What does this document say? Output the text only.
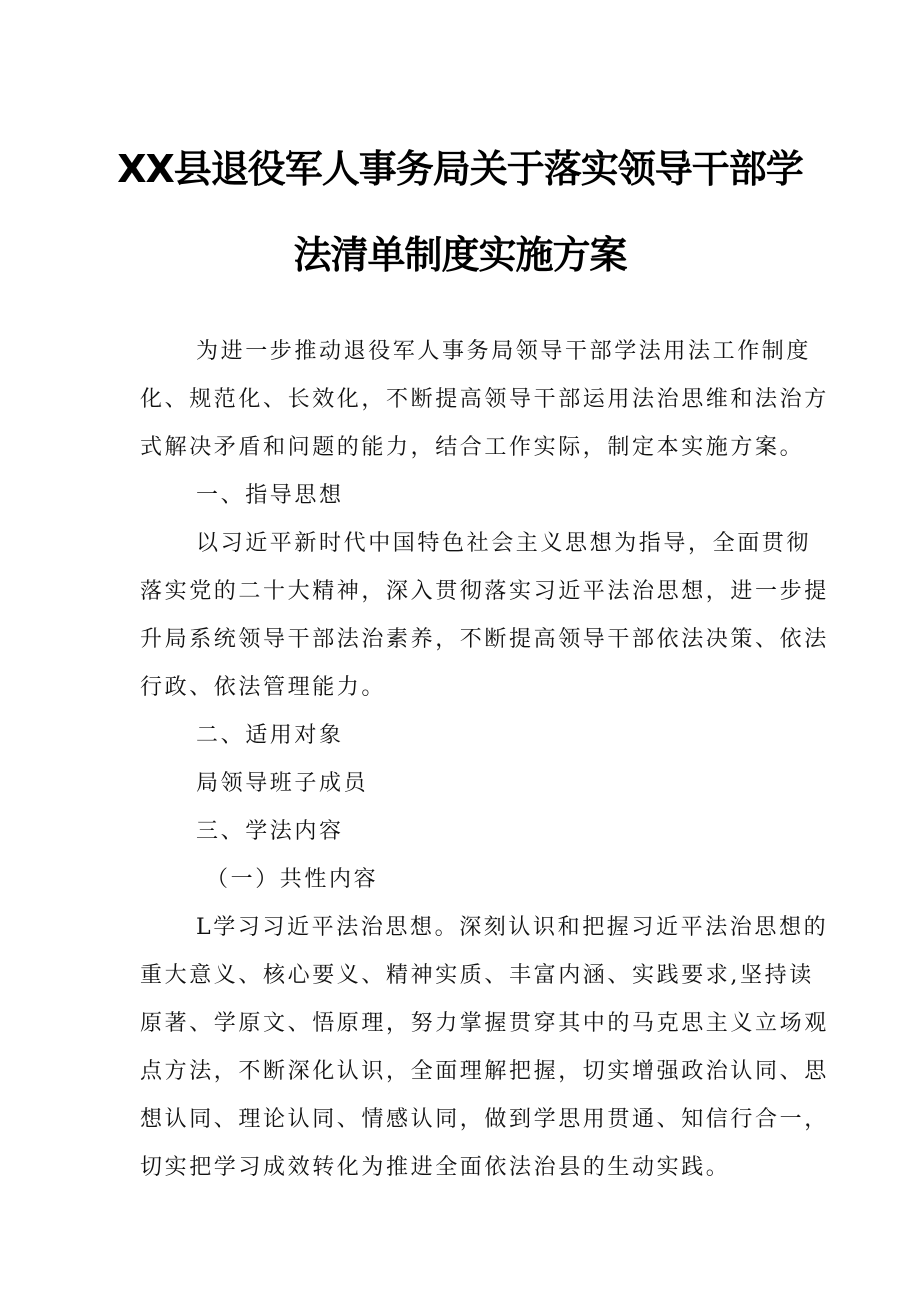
XX县退役军人事务局关于落实领导干部学
法清单制度实施方案
为进一步推动退役军人事务局领导干部学法用法工作制度
化、规范化、长效化，不断提高领导干部运用法治思维和法治方
式解决矛盾和问题的能力，结合工作实际，制定本实施方案。
一、指导思想
以习近平新时代中国特色社会主义思想为指导，全面贯彻
落实党的二十大精神，深入贯彻落实习近平法治思想，进一步提
升局系统领导干部法治素养，不断提高领导干部依法决策、依法
行政、依法管理能力。
二、适用对象
局领导班子成员
三、学法内容
（一）共性内容
L学习习近平法治思想。深刻认识和把握习近平法治思想的
重大意义、核心要义、精神实质、丰富内涵、实践要求,坚持读
原著、学原文、悟原理，努力掌握贯穿其中的马克思主义立场观
点方法，不断深化认识，全面理解把握，切实增强政治认同、思
想认同、理论认同、情感认同，做到学思用贯通、知信行合一，
切实把学习成效转化为推进全面依法治县的生动实践。
